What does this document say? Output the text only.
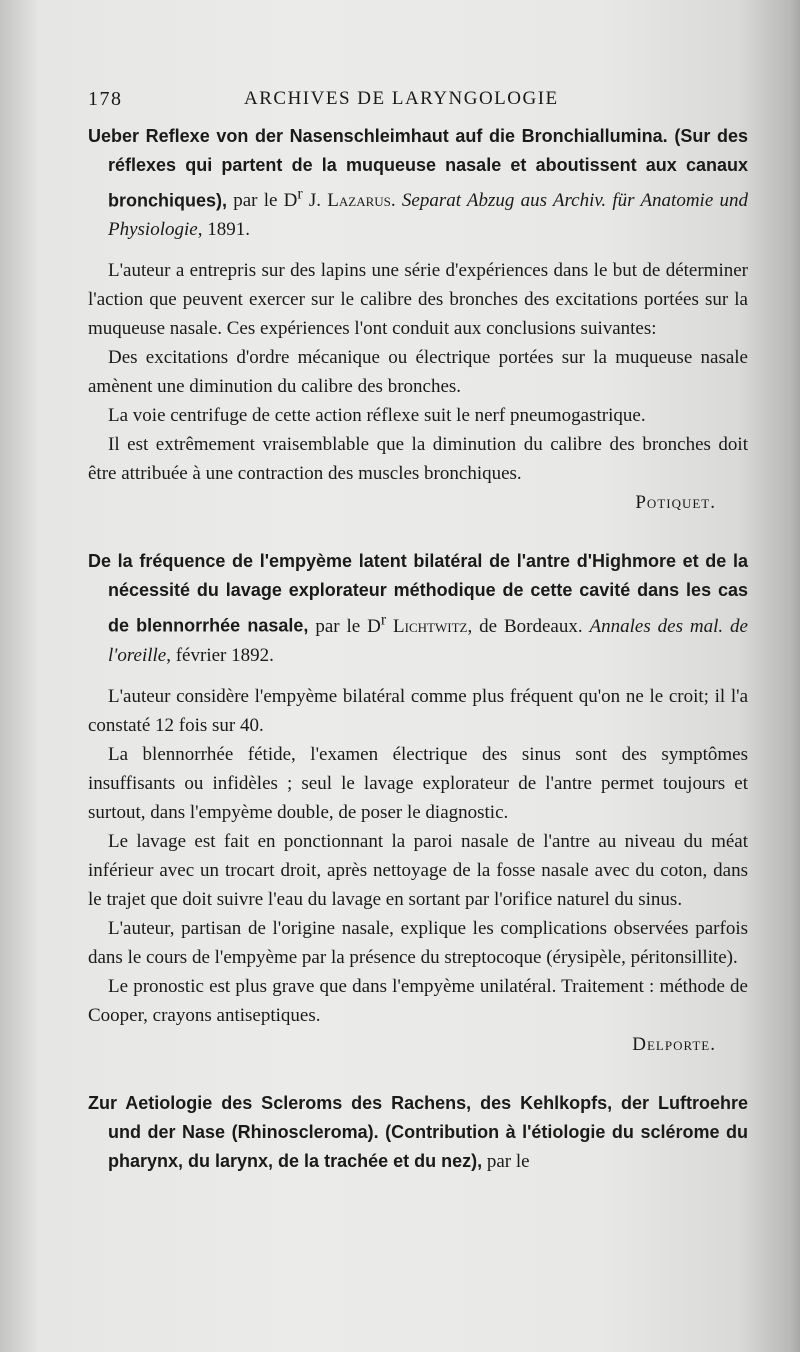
178	ARCHIVES DE LARYNGOLOGIE

Ueber Reflexe von der Nasenschleimhaut auf die Bronchiallumina. (Sur des réflexes qui partent de la muqueuse nasale et aboutissent aux canaux bronchiques), par le $D^r$ J. Lazarus. Separat Abzug aus Archiv. für Anatomie und Physiologie, 1891.

L'auteur a entrepris sur des lapins une série d'expériences dans le but de déterminer l'action que peuvent exercer sur le calibre des bronches des excitations portées sur la muqueuse nasale. Ces expériences l'ont conduit aux conclusions suivantes:

Des excitations d'ordre mécanique ou électrique portées sur la muqueuse nasale amènent une diminution du calibre des bronches.

La voie centrifuge de cette action réflexe suit le nerf pneumogastrique.

Il est extrêmement vraisemblable que la diminution du calibre des bronches doit être attribuée à une contraction des muscles bronchiques.

Potiquet.

De la fréquence de l'empyème latent bilatéral de l'antre d'Highmore et de la nécessité du lavage explorateur méthodique de cette cavité dans les cas de blennorrhée nasale, par le $D^r$ Lichtwitz, de Bordeaux. Annales des mal. de l'oreille, février 1892.

L'auteur considère l'empyème bilatéral comme plus fréquent qu'on ne le croit; il l'a constaté 12 fois sur 40.

La blennorrhée fétide, l'examen électrique des sinus sont des symptômes insuffisants ou infidèles ; seul le lavage explorateur de l'antre permet toujours et surtout, dans l'empyème double, de poser le diagnostic.

Le lavage est fait en ponctionnant la paroi nasale de l'antre au niveau du méat inférieur avec un trocart droit, après nettoyage de la fosse nasale avec du coton, dans le trajet que doit suivre l'eau du lavage en sortant par l'orifice naturel du sinus.

L'auteur, partisan de l'origine nasale, explique les complications observées parfois dans le cours de l'empyème par la présence du streptocoque (érysipèle, péritonsillite).

Le pronostic est plus grave que dans l'empyème unilatéral. Traitement : méthode de Cooper, crayons antiseptiques.

Delporte.

Zur Aetiologie des Scleroms des Rachens, des Kehlkopfs, der Luftroehre und der Nase (Rhinoscleroma). (Contribution à l'étiologie du sclérome du pharynx, du larynx, de la trachée et du nez), par le
